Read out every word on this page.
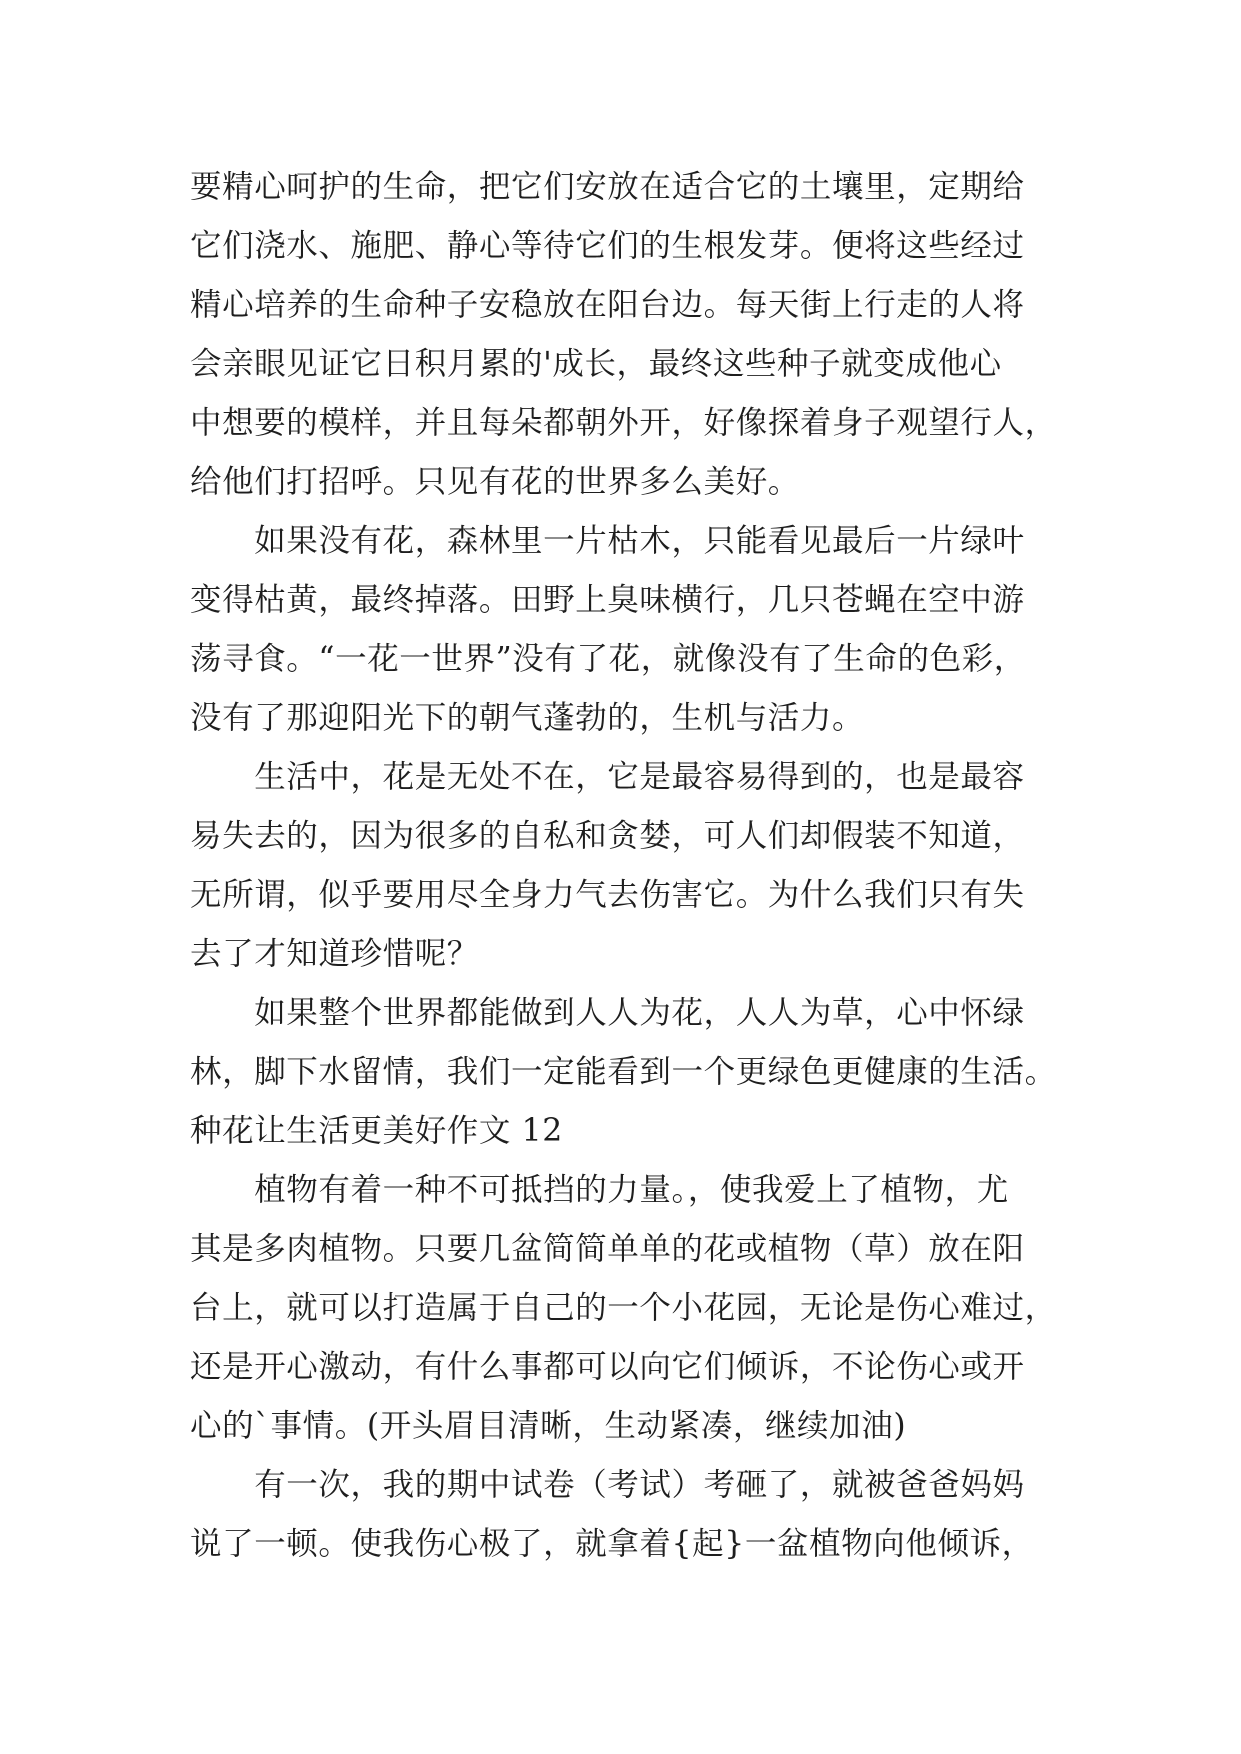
要精心呵护的生命，把它们安放在适合它的土壤里，定期给
它们浇水、施肥、静心等待它们的生根发芽。便将这些经过
精心培养的生命种子安稳放在阳台边。每天街上行走的人将
会亲眼见证它日积月累的'成长，最终这些种子就变成他心
中想要的模样，并且每朵都朝外开，好像探着身子观望行人，
给他们打招呼。只见有花的世界多么美好。
　　如果没有花，森林里一片枯木，只能看见最后一片绿叶
变得枯黄，最终掉落。田野上臭味横行，几只苍蝇在空中游
荡寻食。“一花一世界”没有了花，就像没有了生命的色彩，
没有了那迎阳光下的朝气蓬勃的，生机与活力。
　　生活中，花是无处不在，它是最容易得到的，也是最容
易失去的，因为很多的自私和贪婪，可人们却假装不知道，
无所谓，似乎要用尽全身力气去伤害它。为什么我们只有失
去了才知道珍惜呢？
　　如果整个世界都能做到人人为花，人人为草，心中怀绿
林，脚下水留情，我们一定能看到一个更绿色更健康的生活。
种花让生活更美好作文 12
　　植物有着一种不可抵挡的力量。，使我爱上了植物，尤
其是多肉植物。只要几盆简简单单的花或植物（草）放在阳
台上，就可以打造属于自己的一个小花园，无论是伤心难过，
还是开心激动，有什么事都可以向它们倾诉，不论伤心或开
心的`事情。(开头眉目清晰，生动紧凑，继续加油)
　　有一次，我的期中试卷（考试）考砸了，就被爸爸妈妈
说了一顿。使我伤心极了，就拿着{起}一盆植物向他倾诉，
